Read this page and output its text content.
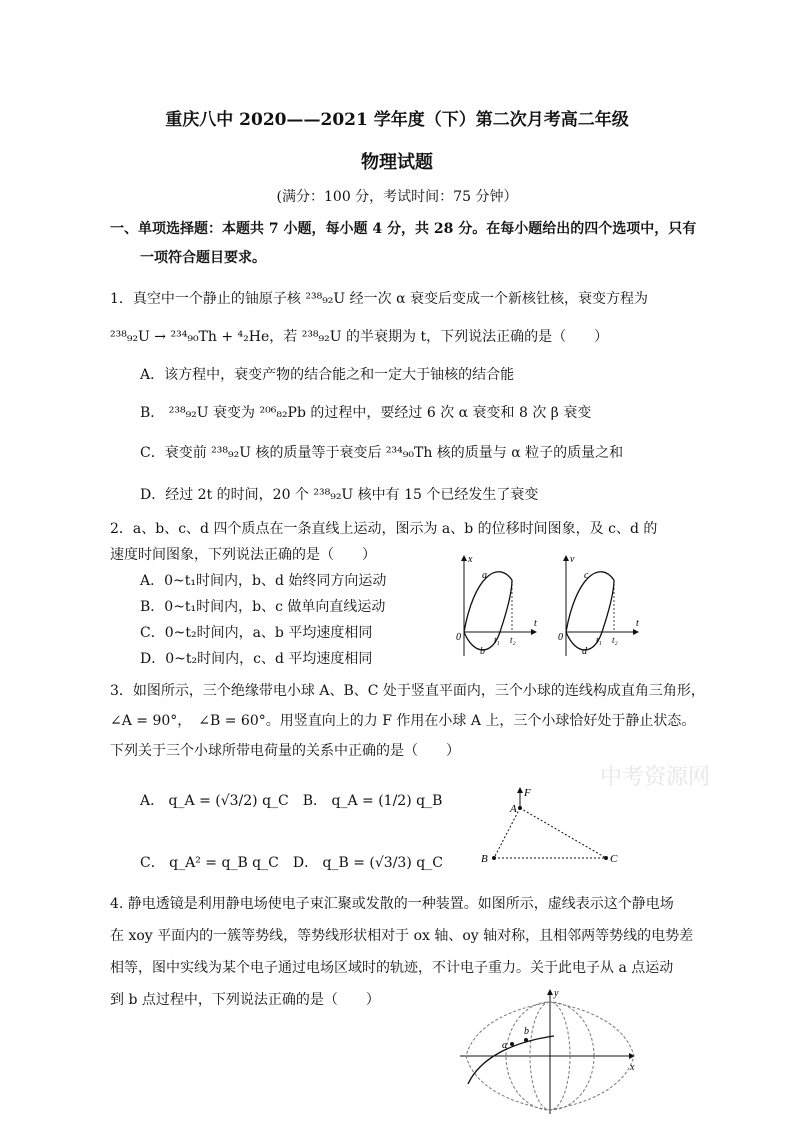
重庆八中 2020——2021 学年度（下）第二次月考高二年级
物理试题
(满分：100 分，考试时间：75 分钟）
一、单项选择题：本题共 7 小题，每小题 4 分，共 28 分。在每小题给出的四个选项中，只有
一项符合题目要求。
1．真空中一个静止的铀原子核 ²³⁸₉₂U 经一次 α 衰变后变成一个新核钍核，衰变方程为
²³⁸₉₂U → ²³⁴₉₀Th + ⁴₂He，若 ²³⁸₉₂U 的半衰期为 t，下列说法正确的是（　　）
A．该方程中，衰变产物的结合能之和一定大于铀核的结合能
B． ²³⁸₉₂U 衰变为 ²⁰⁶₈₂Pb 的过程中，要经过 6 次 α 衰变和 8 次 β 衰变
C．衰变前 ²³⁸₉₂U 核的质量等于衰变后 ²³⁴₉₀Th 核的质量与 α 粒子的质量之和
D．经过 2t 的时间，20 个 ²³⁸₉₂U 核中有 15 个已经发生了衰变
2．a、b、c、d 四个质点在一条直线上运动，图示为 a、b 的位移时间图象，及 c、d 的
速度时间图象，下列说法正确的是（　　）
A．0~t₁时间内，b、d 始终同方向运动
B．0~t₁时间内，b、c 做单向直线运动
C．0~t₂时间内，a、b 平均速度相同
D．0~t₂时间内，c、d 平均速度相同
x
t
0
a
b
t₁ t₂
v
t
0
c
d
t₁ t₂
3．如图所示，三个绝缘带电小球 A、B、C 处于竖直平面内，三个小球的连线构成直角三角形，
∠A = 90°，　∠B = 60°。用竖直向上的力 F 作用在小球 A 上，三个小球恰好处于静止状态。
下列关于三个小球所带电荷量的关系中正确的是（　　）
A． q_A = (√3/2) q_C　B． q_A = (1/2) q_B
C． q_A² = q_B q_C　D． q_B = (√3/3) q_C
中考资源网
A
F
B	C
4. 静电透镜是利用静电场使电子束汇聚或发散的一种装置。如图所示，虚线表示这个静电场
在 xoy 平面内的一簇等势线，等势线形状相对于 ox 轴、oy 轴对称，且相邻两等势线的电势差
相等，图中实线为某个电子通过电场区域时的轨迹，不计电子重力。关于此电子从 a 点运动
到 b 点过程中，下列说法正确的是（　　）
a
b
y
x
